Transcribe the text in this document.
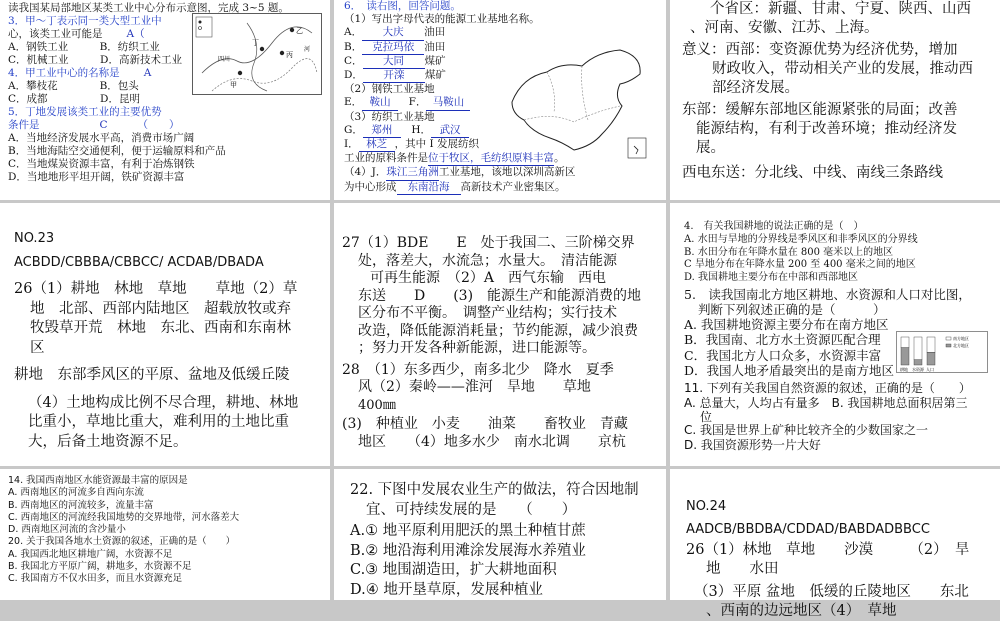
读我国某局部地区某类工业中心分布示意图，完成 3~5 题。
3．甲～丁表示同一类大型工业中
心，该类工业可能是 A（
A．钢铁工业　　　B．纺织工业
C．机械工业　　　D．高新技术工业
4．甲工业中心的名称是 A
A．攀枝花　　　　B．包头
C．成都　　　　　D．昆明
5．丁地发展该类工业的主要优势
条件是	C	（　　）
A．当地经济发展水平高，消费市场广阔
B．当地海陆空交通便利，便于运输原料和产品
C．当地煤炭资源丰富，有利于冶炼钢铁
D．当地地形平坦开阔，铁矿资源丰富
乙
甲
丙
丁
四川
河
6．　读右图，回答问题。
（1）写出字母代表的能源工业基地名称。
A． 大庆 油田
B． 克拉玛依 油田
C． 大同 煤矿
D． 开滦 煤矿
（2）钢铁工业基地
E． 鞍山　 F． 马鞍山
（3）纺织工业基地
G． 郑州　 H． 武汉
I． 林芝 ，其中 I 发展纺织
工业的原料条件是位于牧区，毛纺织原料丰富。
（4）J．珠江三角洲工业基地，该地以深圳高新区
为中心形成 东南沿海 高新技术产业密集区。
个省区：新疆、甘肃、宁夏、陕西、山西
、河南、安徽、江苏、上海。
意义：西部：变资源优势为经济优势，增加
财政收入，带动相关产业的发展，推动西
部经济发展。
东部：缓解东部地区能源紧张的局面；改善
能源结构，有利于改善环境；推动经济发
展。
西电东送：分北线、中线、南线三条路线
NO.23
ACBDD/CBBBA/CBBCC/ ACDAB/DBADA
26（1）耕地　林地　草地　　草地（2）草
地　北部、西部内陆地区　超载放牧或弃
牧毁草开荒　林地　东北、西南和东南林
区
耕地　东部季风区的平原、盆地及低缓丘陵
（4）土地构成比例不尽合理，耕地、林地
比重小，草地比重大，难利用的土地比重
大，后备土地资源不足。
27（1）BDE　　E　处于我国二、三阶梯交界
处，落差大，水流急；水量大。　清洁能源
可再生能源　（2）A　西气东输　西电
东送　　D　　(3)　能源生产和能源消费的地
区分布不平衡。　调整产业结构；实行技术
改造，降低能源消耗量；节约能源，减少浪费
；努力开发各种新能源，进口能源等。
28　（1）东多西少，南多北少　降水　夏季
风（2）秦岭——淮河　旱地　　草地
400㎜
(3)　种植业　小麦　　油菜　　畜牧业　青藏
地区　　（4）地多水少　南水北调　　京杭
4.　有关我国耕地的说法正确的是（　）
A. 水田与旱地的分界线是季风区和非季风区的分界线
B. 水田分布在年降水量在 800 毫米以上的地区
C 旱地分布在年降水量 200 至 400 毫米之间的地区
D. 我国耕地主要分布在中部和西部地区
5.　读我国南北方地区耕地、水资源和人口对比图，
判断下列叙述正确的是（　　　）
A. 我国耕地资源主要分布在南方地区
B．我国南、北方水土资源匹配合理
C．我国北方人口众多，水资源丰富
D．我国人地矛盾最突出的是南方地区
11. 下列有关我国自然资源的叙述，正确的是（　　）
A. 总量大，人均占有量多　B. 我国耕地总面积居第三
位
C. 我国是世界上矿种比较齐全的少数国家之一
D. 我国资源形势一片大好
耕地 水资源 人口
南方地区
北方地区
14. 我国西南地区水能资源最丰富的原因是
A. 西南地区的河流多自西向东流
B. 西南地区的河流较多，流量丰富
C. 西南地区的河流经我国地势的交界地带，河水落差大
D. 西南地区河流的含沙量小
20. 关于我国各地水土资源的叙述，正确的是（　　）
A. 我国西北地区耕地广阔，水资源不足
B. 我国北方平原广阔，耕地多，水资源不足
C. 我国南方不仅水田多，而且水资源充足
22. 下图中发展农业生产的做法，符合因地制
宜、可持续发展的是　　（　　）
A.① 地平原利用肥沃的黑土种植甘蔗
B.② 地沿海利用滩涂发展海水养殖业
C.③ 地围湖造田，扩大耕地面积
D.④ 地开垦草原，发展种植业
NO.24
AADCB/BBDBA/CDDAD/BABDADBBCC
26（1）林地　草地　　沙漠　　　（2）　旱
地　　水田
（3）平原 盆地　低缓的丘陵地区　　东北
、西南的边远地区（4）　草地
